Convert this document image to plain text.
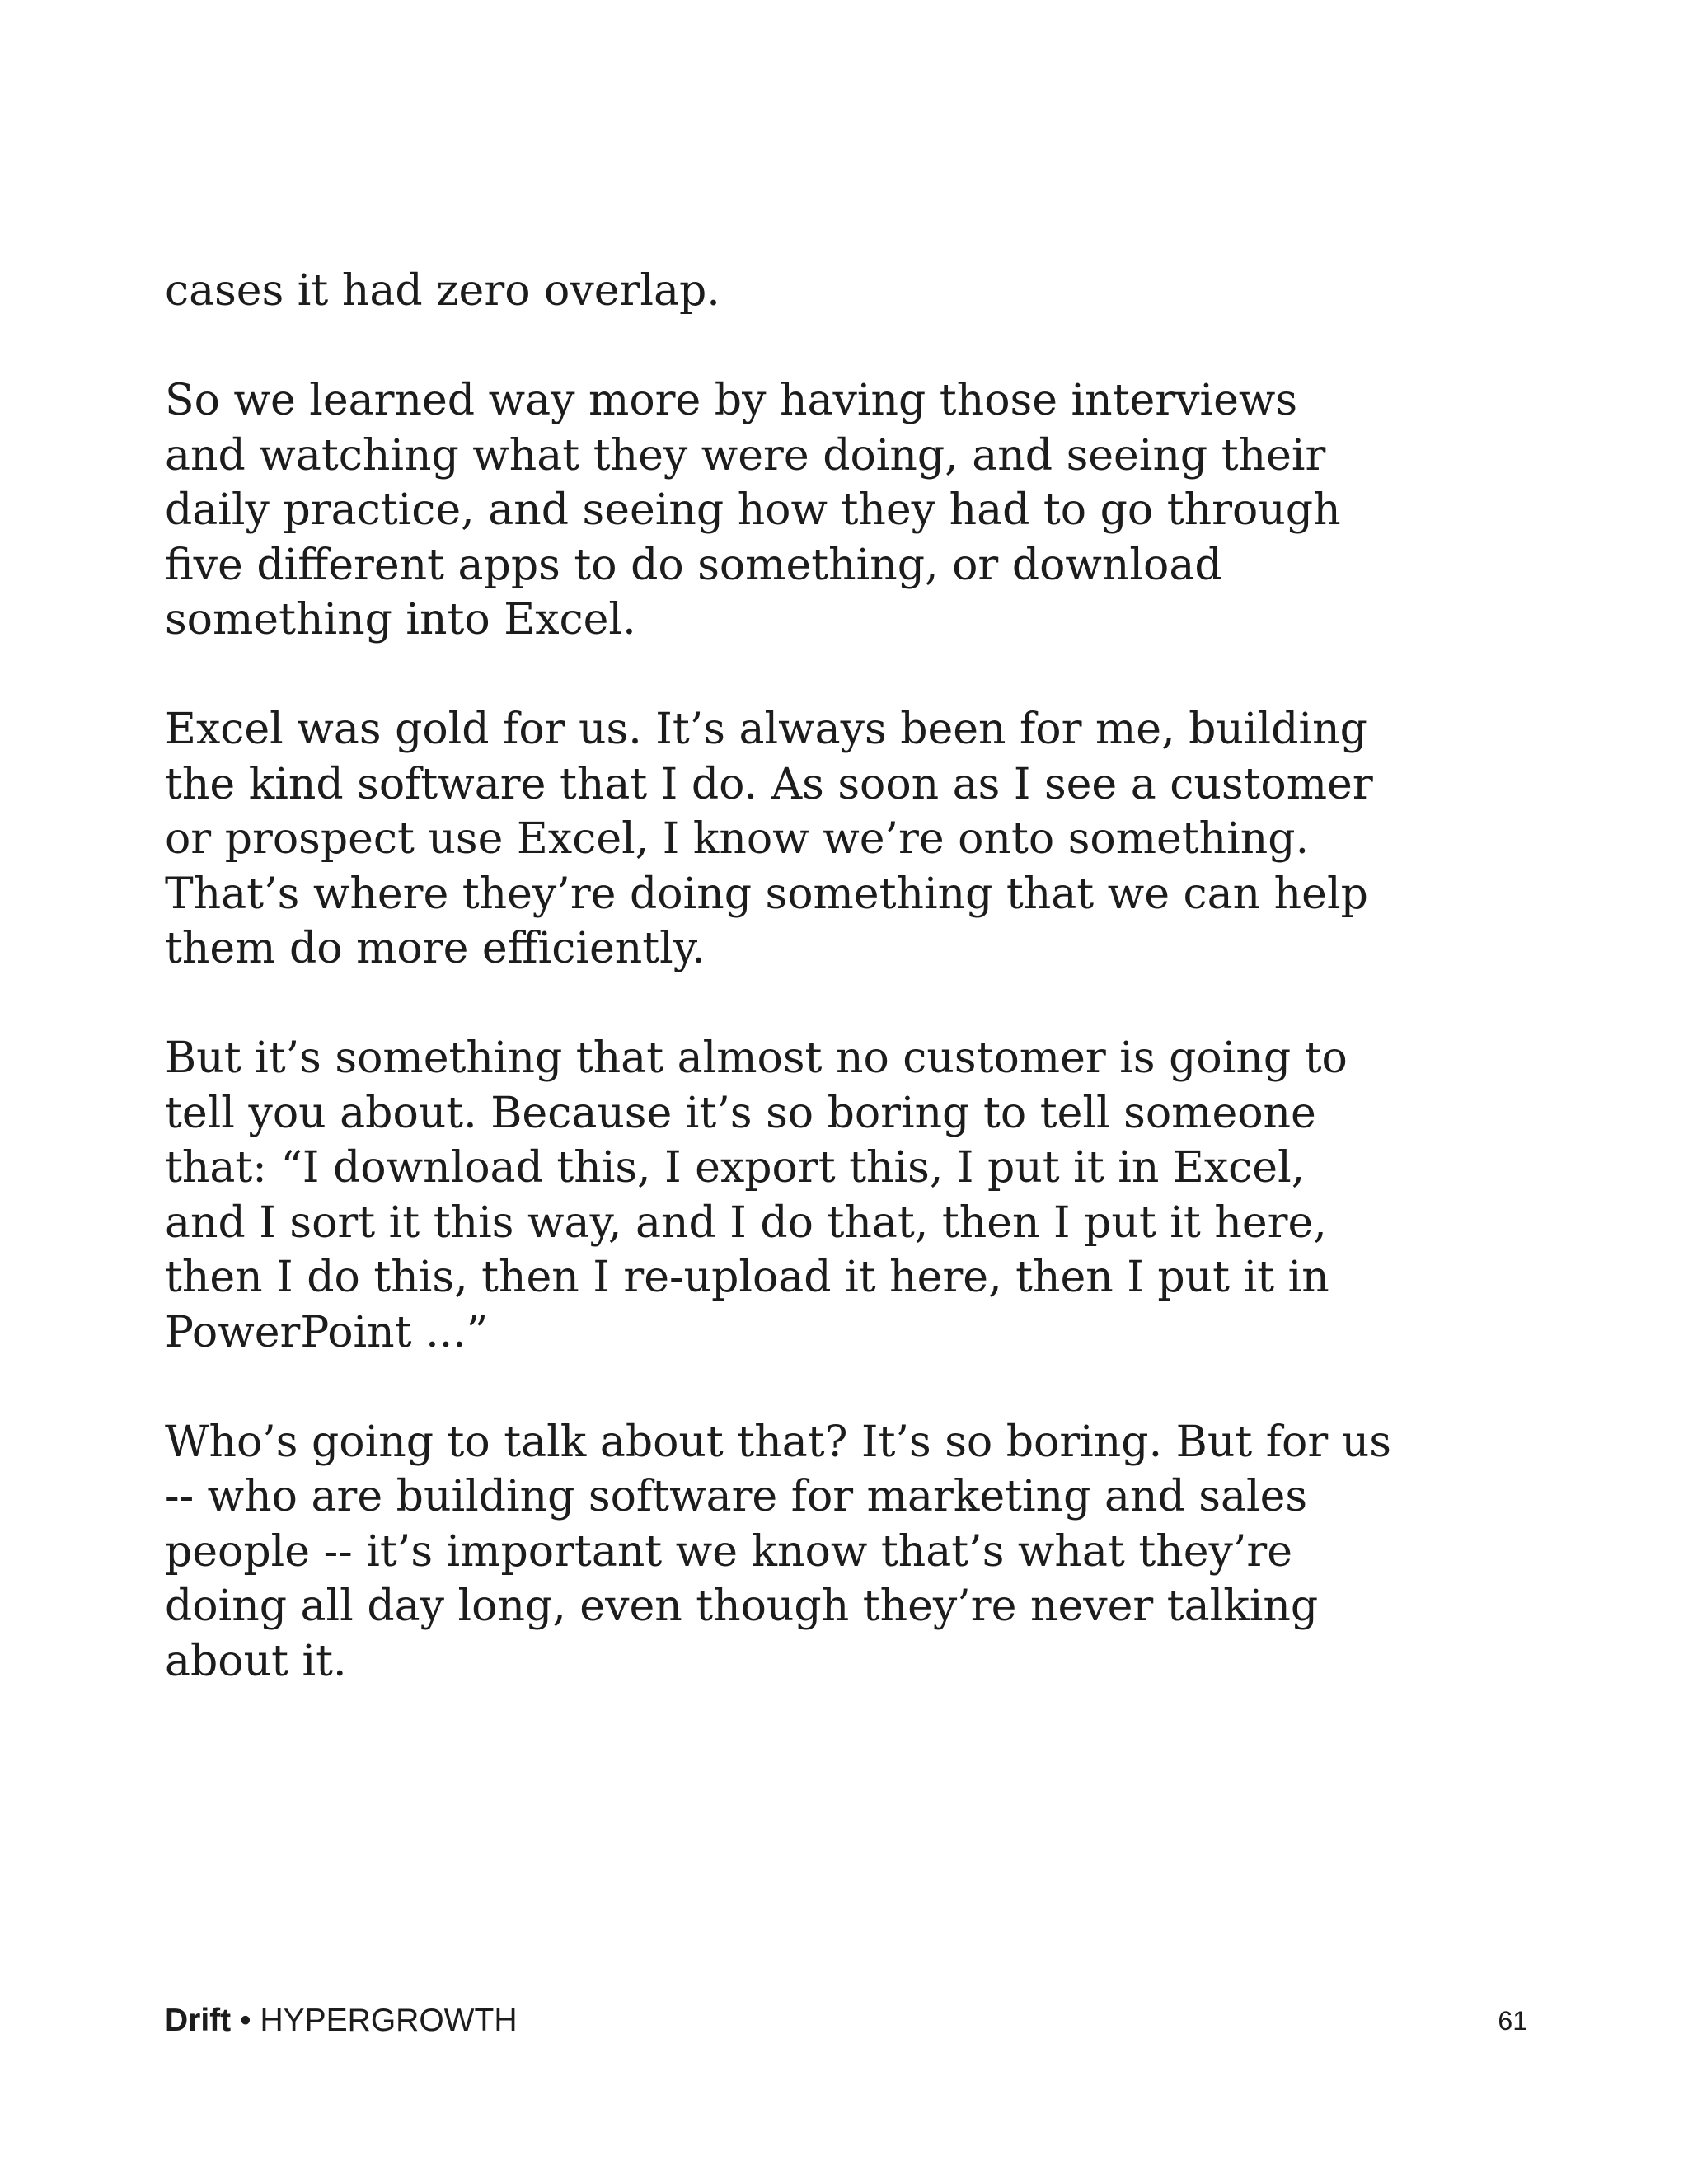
cases it had zero overlap.

So we learned way more by having those interviews
and watching what they were doing, and seeing their
daily practice, and seeing how they had to go through
five different apps to do something, or download
something into Excel.

Excel was gold for us. It’s always been for me, building
the kind software that I do. As soon as I see a customer
or prospect use Excel, I know we’re onto something.
That’s where they’re doing something that we can help
them do more efficiently.

But it’s something that almost no customer is going to
tell you about. Because it’s so boring to tell someone
that: “I download this, I export this, I put it in Excel,
and I sort it this way, and I do that, then I put it here,
then I do this, then I re-upload it here, then I put it in
PowerPoint ...”

Who’s going to talk about that? It’s so boring. But for us
-- who are building software for marketing and sales
people -- it’s important we know that’s what they’re
doing all day long, even though they’re never talking
about it.

Drift • HYPERGROWTH	61
